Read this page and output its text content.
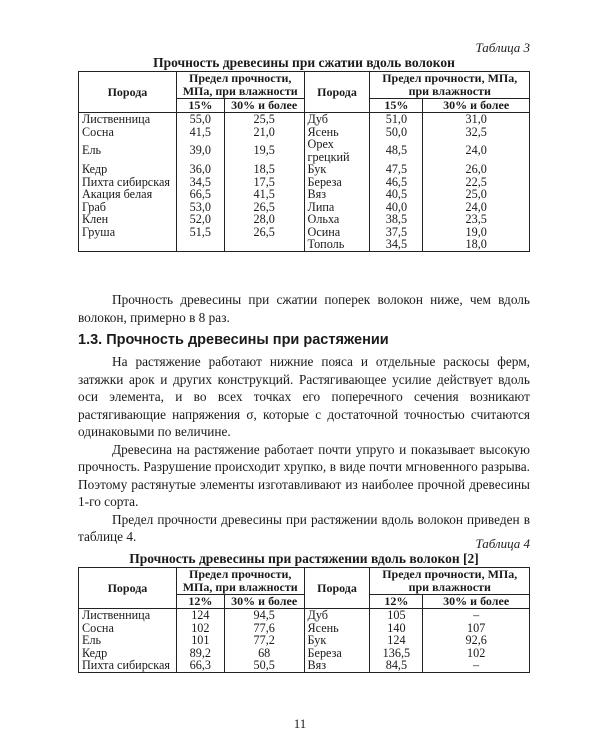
Таблица 3
Прочность древесины при сжатии вдоль волокон
Порода	Предел прочности, МПа, при влажности		Порода	Предел прочности, МПа, при влажности	
	15%	30% и более		15%	30% и более
Лиственница	55,0	25,5	Дуб	51,0	31,0
Сосна	41,5	21,0	Ясень	50,0	32,5
Ель	39,0	19,5	Орех грецкий	48,5	24,0
Кедр	36,0	18,5	Бук	47,5	26,0
Пихта сибирская	34,5	17,5	Береза	46,5	22,5
Акация белая	66,5	41,5	Вяз	40,5	25,0
Граб	53,0	26,5	Липа	40,0	24,0
Клен	52,0	28,0	Ольха	38,5	23,5
Груша	51,5	26,5	Осина	37,5	19,0
			Тополь	34,5	18,0

Прочность древесины при сжатии поперек волокон ниже, чем вдоль волокон, примерно в 8 раз.

1.3. Прочность древесины при растяжении

На растяжение работают нижние пояса и отдельные раскосы ферм, затяжки арок и других конструкций. Растягивающее усилие действует вдоль оси элемента, и во всех точках его поперечного сечения возникают растягивающие напряжения σ, которые с достаточной точностью считаются одинаковыми по величине.

Древесина на растяжение работает почти упруго и показывает высокую прочность. Разрушение происходит хрупко, в виде почти мгновенного разрыва. Поэтому растянутые элементы изготавливают из наиболее прочной древесины 1-го сорта.

Предел прочности древесины при растяжении вдоль волокон приведен в таблице 4.	Таблица 4
Прочность древесины при растяжении вдоль волокон [2]
Порода	Предел прочности, МПа, при влажности		Порода	Предел прочности, МПа, при влажности	
	12%	30% и более		12%	30% и более
Лиственница	124	94,5	Дуб	105	–
Сосна	102	77,6	Ясень	140	107
Ель	101	77,2	Бук	124	92,6
Кедр	89,2	68	Береза	136,5	102
Пихта сибирская	66,3	50,5	Вяз	84,5	–
11
